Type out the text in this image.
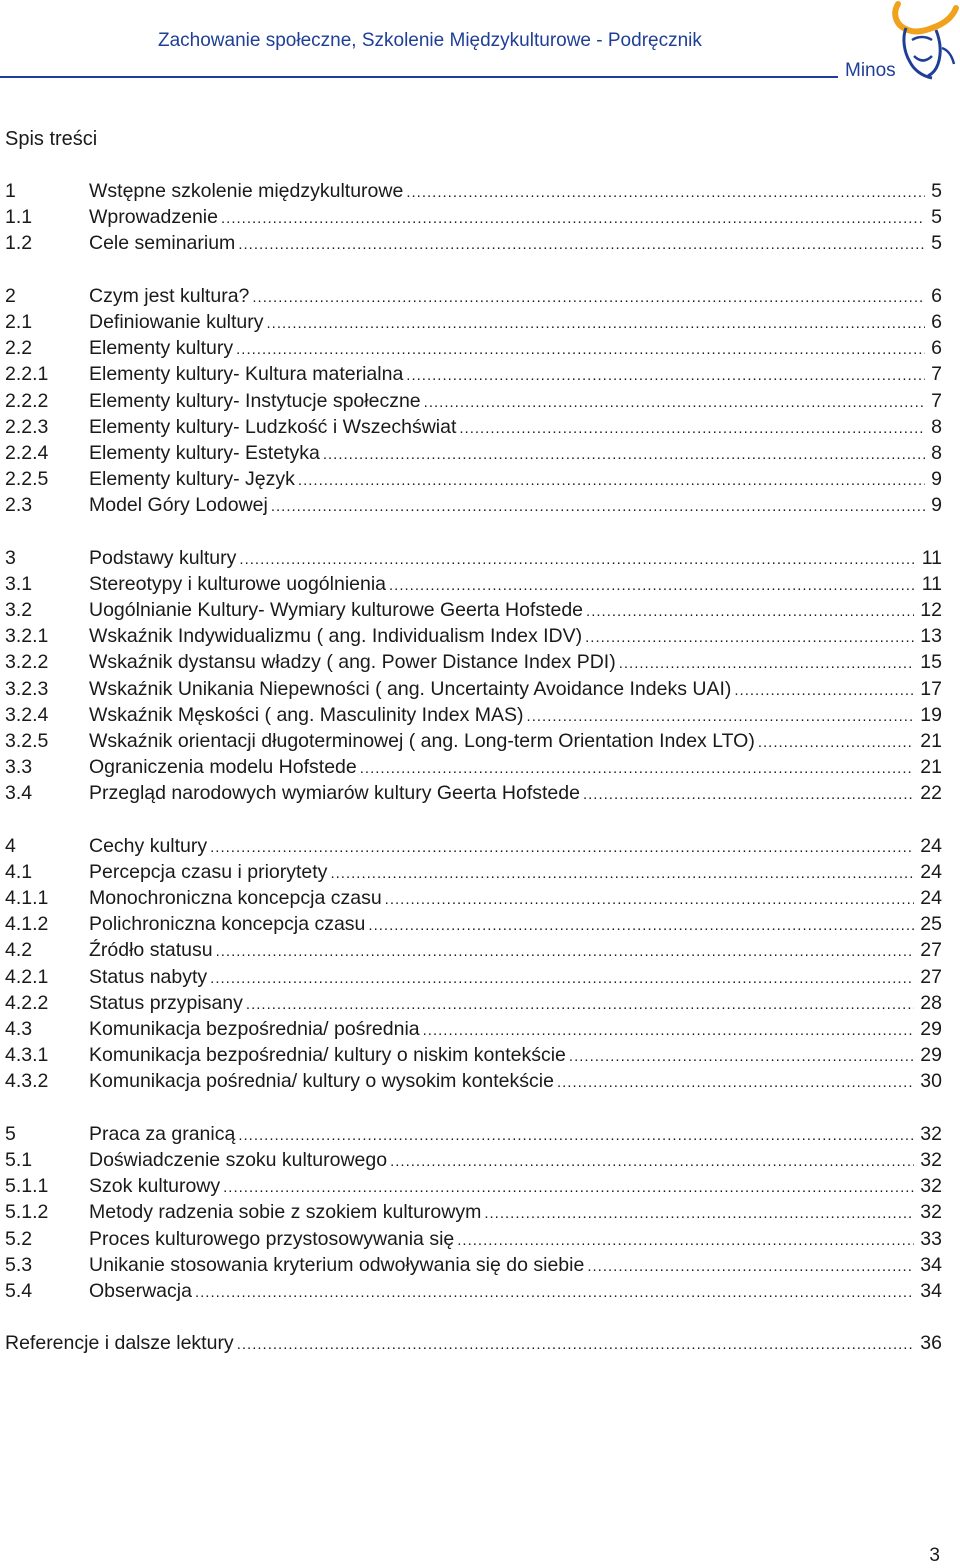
Zachowanie społeczne, Szkolenie Międzykulturowe - Podręcznik
Minos
Spis treści
1	Wstępne szkolenie międzykulturowe .....	5
1.1	Wprowadzenie .....	5
1.2	Cele seminarium .....	5
2	Czym jest kultura? .....	6
2.1	Definiowanie kultury .....	6
2.2	Elementy kultury .....	6
2.2.1	Elementy kultury- Kultura materialna .....	7
2.2.2	Elementy kultury- Instytucje społeczne .....	7
2.2.3	Elementy kultury- Ludzkość i Wszechświat .....	8
2.2.4	Elementy kultury- Estetyka .....	8
2.2.5	Elementy kultury- Język .....	9
2.3	Model Góry Lodowej .....	9
3	Podstawy kultury .....	11
3.1	Stereotypy i kulturowe uogólnienia .....	11
3.2	Uogólnianie Kultury- Wymiary kulturowe Geerta Hofstede .....	12
3.2.1	Wskaźnik Indywidualizmu ( ang. Individualism Index IDV) .....	13
3.2.2	Wskaźnik dystansu władzy ( ang. Power Distance Index PDI) .....	15
3.2.3	Wskaźnik Unikania Niepewności ( ang. Uncertainty Avoidance Indeks UAI) .....	17
3.2.4	Wskaźnik Męskości ( ang. Masculinity Index MAS) .....	19
3.2.5	Wskaźnik orientacji długoterminowej ( ang. Long-term Orientation Index LTO) .....	21
3.3	Ograniczenia modelu Hofstede .....	21
3.4	Przegląd narodowych wymiarów kultury Geerta Hofstede .....	22
4	Cechy kultury .....	24
4.1	Percepcja czasu i priorytety .....	24
4.1.1	Monochroniczna koncepcja czasu .....	24
4.1.2	Polichroniczna koncepcja czasu .....	25
4.2	Źródło statusu .....	27
4.2.1	Status nabyty .....	27
4.2.2	Status przypisany .....	28
4.3	Komunikacja bezpośrednia/ pośrednia .....	29
4.3.1	Komunikacja bezpośrednia/ kultury o niskim kontekście .....	29
4.3.2	Komunikacja pośrednia/ kultury o wysokim kontekście .....	30
5	Praca za granicą .....	32
5.1	Doświadczenie szoku kulturowego .....	32
5.1.1	Szok kulturowy .....	32
5.1.2	Metody radzenia sobie z szokiem kulturowym .....	32
5.2	Proces kulturowego przystosowywania się .....	33
5.3	Unikanie stosowania kryterium odwoływania się do siebie .....	34
5.4	Obserwacja .....	34
Referencje i dalsze lektury .....	36
3
